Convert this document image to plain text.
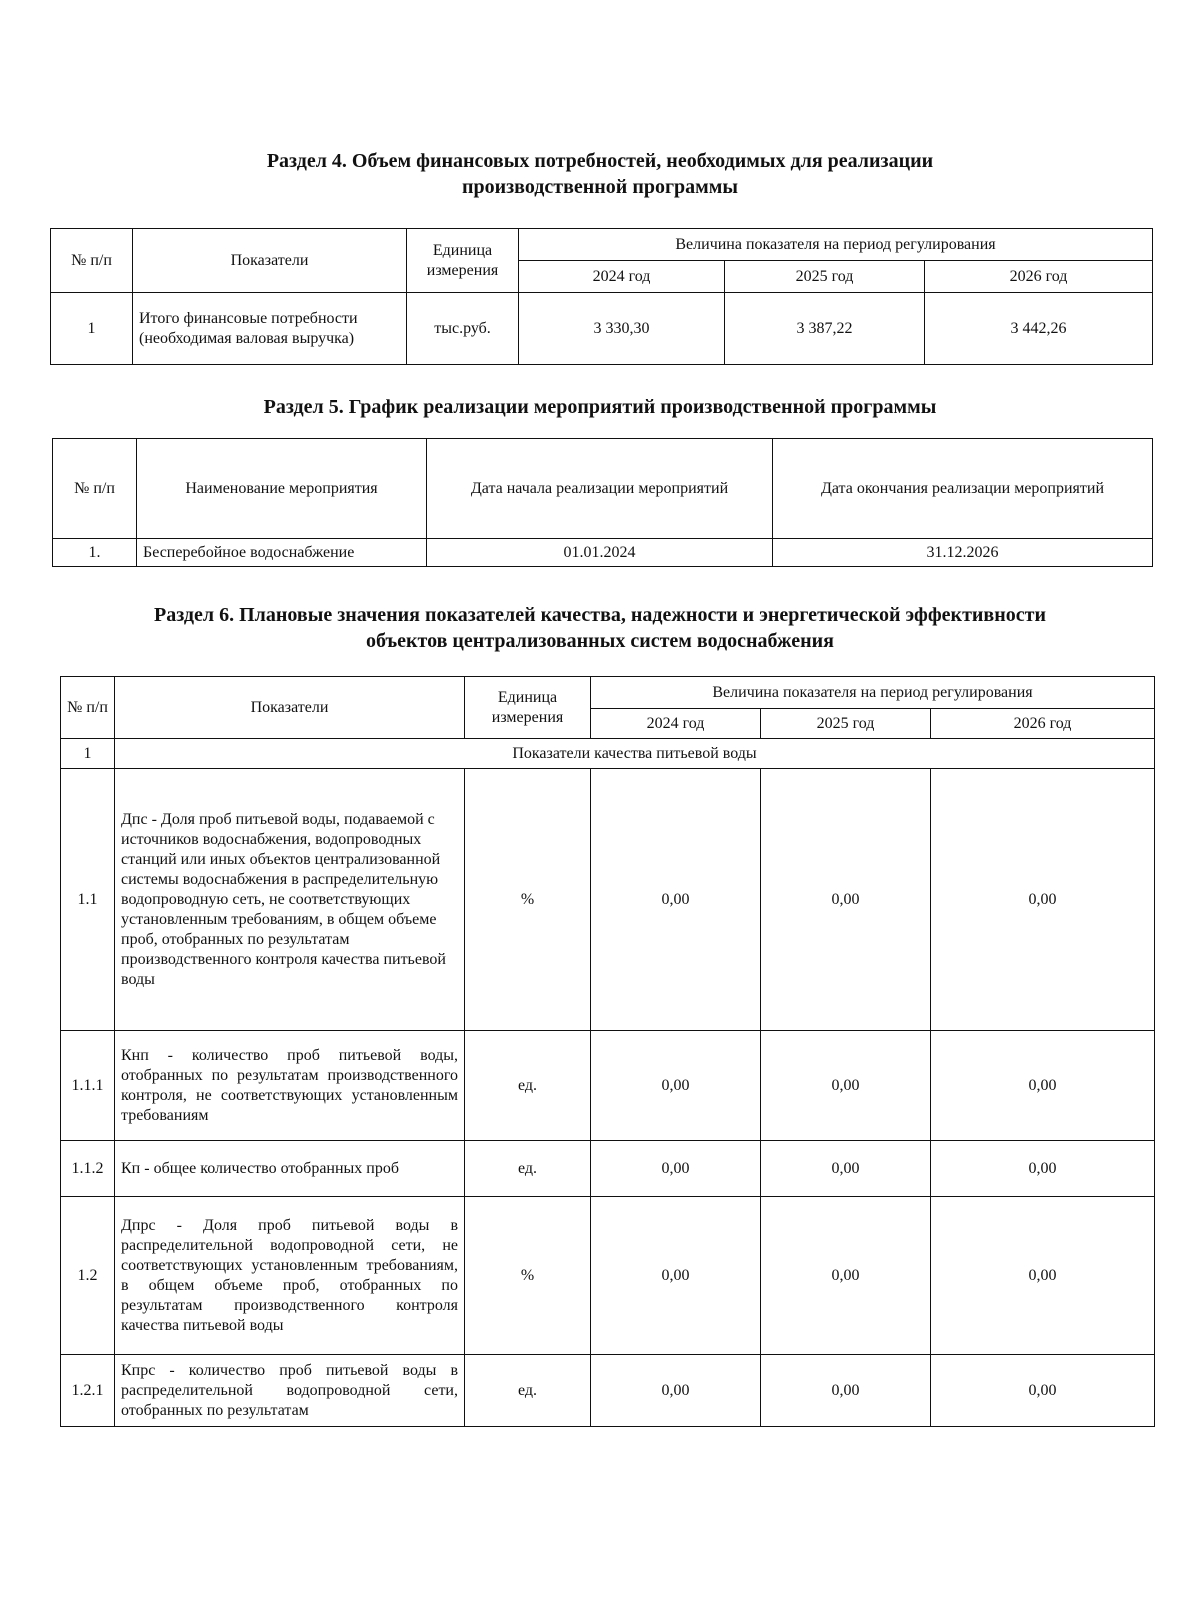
Раздел 4. Объем финансовых потребностей, необходимых для реализации
производственной программы
№ п/п	Показатели	Единица измерения	Величина показателя на период регулирования		
			2024 год	2025 год	2026 год
1	Итого финансовые потребности (необходимая валовая выручка)	тыс.руб.	3 330,30	3 387,22	3 442,26
Раздел 5. График реализации мероприятий производственной программы
№ п/п	Наименование мероприятия	Дата начала реализации мероприятий	Дата окончания реализации мероприятий
1.	Бесперебойное водоснабжение	01.01.2024	31.12.2026
Раздел 6. Плановые значения показателей качества, надежности и энергетической эффективности
объектов централизованных систем водоснабжения
№ п/п	Показатели	Единица измерения	Величина показателя на период регулирования		
			2024 год	2025 год	2026 год
1	Показатели качества питьевой воды				
1.1	Дпс - Доля проб питьевой воды, подаваемой с источников водоснабжения, водопроводных станций или иных объектов централизованной системы водоснабжения в распределительную водопроводную сеть, не соответствующих установленным требованиям, в общем объеме проб, отобранных по результатам производственного контроля качества питьевой воды	%	0,00	0,00	0,00
1.1.1	Кнп - количество проб питьевой воды, отобранных по результатам производственного контроля, не соответствующих установленным требованиям	ед.	0,00	0,00	0,00
1.1.2	Кп - общее количество отобранных проб	ед.	0,00	0,00	0,00
1.2	Дпрс - Доля проб питьевой воды в распределительной водопроводной сети, не соответствующих установленным требованиям, в общем объеме проб, отобранных по результатам производственного контроля качества питьевой воды	%	0,00	0,00	0,00
1.2.1	Кпрс - количество проб питьевой воды в распределительной водопроводной сети, отобранных по результатам	ед.	0,00	0,00	0,00
